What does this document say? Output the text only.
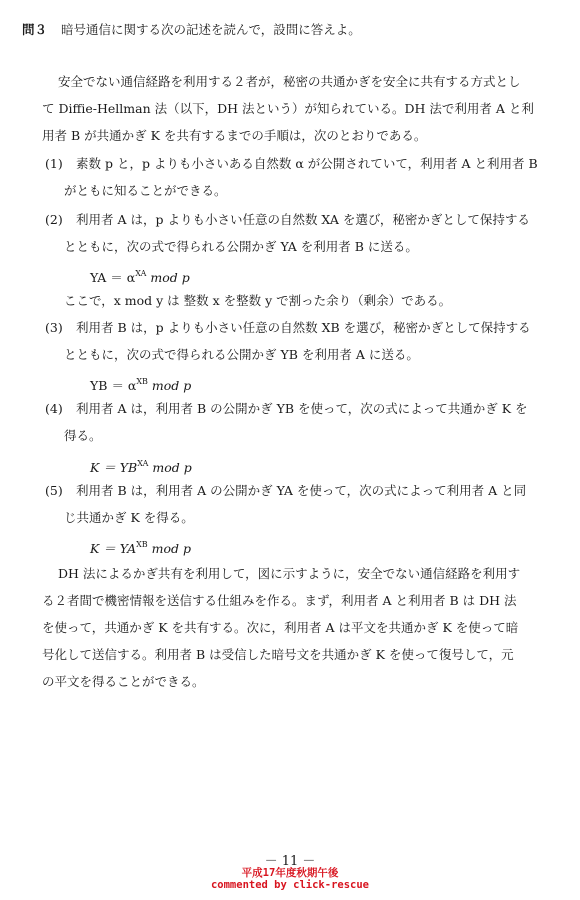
問３ 暗号通信に関する次の記述を読んで，設問に答えよ。
安全でない通信経路を利用する２者が，秘密の共通かぎを安全に共有する方式とし
て Diffie-Hellman 法（以下，DH 法という）が知られている。DH 法で利用者 A と利
用者 B が共通かぎ K を共有するまでの手順は，次のとおりである。
(1) 素数 p と，p よりも小さいある自然数 α が公開されていて，利用者 A と利用者 B
がともに知ることができる。
(2) 利用者 A は，p よりも小さい任意の自然数 XA を選び，秘密かぎとして保持する
とともに，次の式で得られる公開かぎ YA を利用者 B に送る。
YA ＝ $\alpha^{XA}$ mod p
ここで，x mod y は 整数 x を整数 y で割った余り（剰余）である。
(3) 利用者 B は，p よりも小さい任意の自然数 XB を選び，秘密かぎとして保持する
とともに，次の式で得られる公開かぎ YB を利用者 A に送る。
YB ＝ $\alpha^{XB}$ mod p
(4) 利用者 A は，利用者 B の公開かぎ YB を使って，次の式によって共通かぎ K を
得る。
$K = YB^{XA}$ mod p
(5) 利用者 B は，利用者 A の公開かぎ YA を使って，次の式によって利用者 A と同
じ共通かぎ K を得る。
$K = YA^{XB}$ mod p
DH 法によるかぎ共有を利用して，図に示すように，安全でない通信経路を利用す
る２者間で機密情報を送信する仕組みを作る。まず，利用者 A と利用者 B は DH 法
を使って，共通かぎ K を共有する。次に，利用者 A は平文を共通かぎ K を使って暗
号化して送信する。利用者 B は受信した暗号文を共通かぎ K を使って復号して，元
の平文を得ることができる。
－ 11 －
平成17年度秋期午後
commented by click-rescue
